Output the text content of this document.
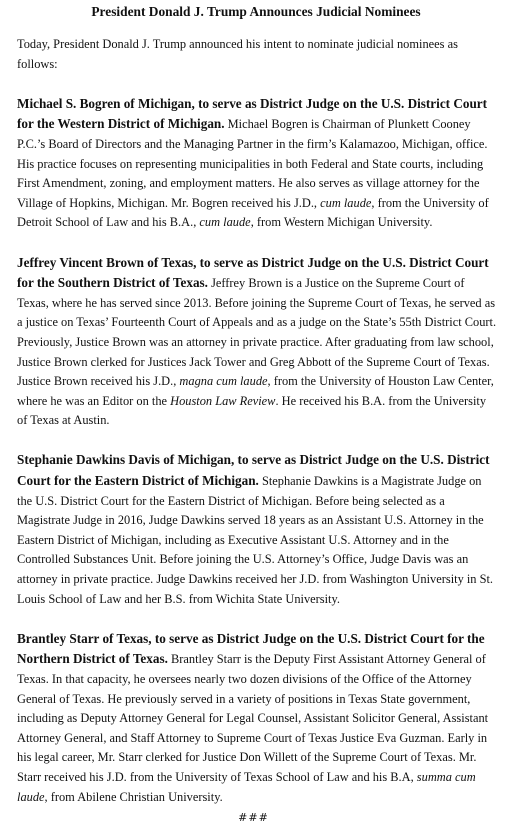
President Donald J. Trump Announces Judicial Nominees
Today, President Donald J. Trump announced his intent to nominate judicial nominees as follows:
Michael S. Bogren of Michigan, to serve as District Judge on the U.S. District Court for the Western District of Michigan. Michael Bogren is Chairman of Plunkett Cooney P.C.’s Board of Directors and the Managing Partner in the firm’s Kalamazoo, Michigan, office. His practice focuses on representing municipalities in both Federal and State courts, including First Amendment, zoning, and employment matters. He also serves as village attorney for the Village of Hopkins, Michigan. Mr. Bogren received his J.D., cum laude, from the University of Detroit School of Law and his B.A., cum laude, from Western Michigan University.
Jeffrey Vincent Brown of Texas, to serve as District Judge on the U.S. District Court for the Southern District of Texas. Jeffrey Brown is a Justice on the Supreme Court of Texas, where he has served since 2013. Before joining the Supreme Court of Texas, he served as a justice on Texas’ Fourteenth Court of Appeals and as a judge on the State’s 55th District Court. Previously, Justice Brown was an attorney in private practice. After graduating from law school, Justice Brown clerked for Justices Jack Tower and Greg Abbott of the Supreme Court of Texas. Justice Brown received his J.D., magna cum laude, from the University of Houston Law Center, where he was an Editor on the Houston Law Review. He received his B.A. from the University of Texas at Austin.
Stephanie Dawkins Davis of Michigan, to serve as District Judge on the U.S. District Court for the Eastern District of Michigan. Stephanie Dawkins is a Magistrate Judge on the U.S. District Court for the Eastern District of Michigan. Before being selected as a Magistrate Judge in 2016, Judge Dawkins served 18 years as an Assistant U.S. Attorney in the Eastern District of Michigan, including as Executive Assistant U.S. Attorney and in the Controlled Substances Unit. Before joining the U.S. Attorney’s Office, Judge Davis was an attorney in private practice. Judge Dawkins received her J.D. from Washington University in St. Louis School of Law and her B.S. from Wichita State University.
Brantley Starr of Texas, to serve as District Judge on the U.S. District Court for the Northern District of Texas. Brantley Starr is the Deputy First Assistant Attorney General of Texas. In that capacity, he oversees nearly two dozen divisions of the Office of the Attorney General of Texas. He previously served in a variety of positions in Texas State government, including as Deputy Attorney General for Legal Counsel, Assistant Solicitor General, Assistant Attorney General, and Staff Attorney to Supreme Court of Texas Justice Eva Guzman. Early in his legal career, Mr. Starr clerked for Justice Don Willett of the Supreme Court of Texas. Mr. Starr received his J.D. from the University of Texas School of Law and his B.A, summa cum laude, from Abilene Christian University.
###
